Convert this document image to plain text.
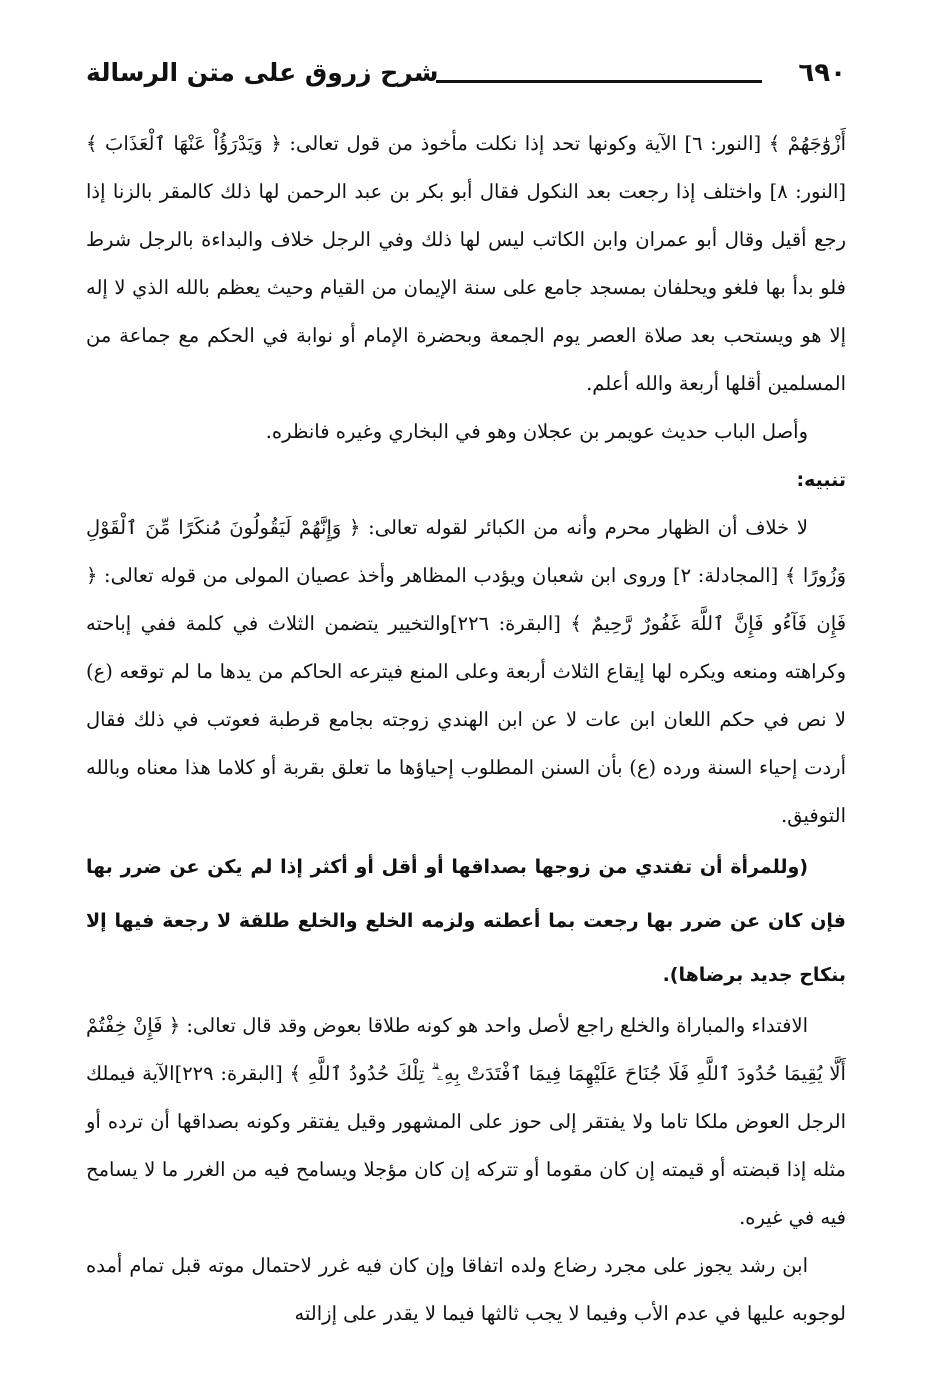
٦٩٠
شرح زروق على متن الرسالة

أَزْوَٰجَهُمْ ﴾ [النور: ٦] الآية وكونها تحد إذا نكلت مأخوذ من قول تعالى: ﴿ وَيَدْرَؤُاْ عَنْهَا ٱلْعَذَابَ ﴾ [النور: ٨] واختلف إذا رجعت بعد النكول فقال أبو بكر بن عبد الرحمن لها ذلك كالمقر بالزنا إذا رجع أقيل وقال أبو عمران وابن الكاتب ليس لها ذلك وفي الرجل خلاف والبداءة بالرجل شرط فلو بدأ بها فلغو ويحلفان بمسجد جامع على سنة الإيمان من القيام وحيث يعظم بالله الذي لا إله إلا هو ويستحب بعد صلاة العصر يوم الجمعة وبحضرة الإمام أو نوابة في الحكم مع جماعة من المسلمين أقلها أربعة والله أعلم.

وأصل الباب حديث عويمر بن عجلان وهو في البخاري وغيره فانظره.

تنبيه:

لا خلاف أن الظهار محرم وأنه من الكبائر لقوله تعالى: ﴿ وَإِنَّهُمْ لَيَقُولُونَ مُنكَرًا مِّنَ ٱلْقَوْلِ وَزُورًا ﴾ [المجادلة: ٢] وروى ابن شعبان ويؤدب المظاهر وأخذ عصيان المولى من قوله تعالى: ﴿ فَإِن فَآءُو فَإِنَّ ٱللَّهَ غَفُورٌ رَّحِيمٌ ﴾ [البقرة: ٢٢٦]والتخيير يتضمن الثلاث في كلمة ففي إباحته وكراهته ومنعه ويكره لها إيقاع الثلاث أربعة وعلى المنع فيترعه الحاكم من يدها ما لم توقعه (ع) لا نص في حكم اللعان ابن عات لا عن ابن الهندي زوجته بجامع قرطبة فعوتب في ذلك فقال أردت إحياء السنة ورده (ع) بأن السنن المطلوب إحياؤها ما تعلق بقربة أو كلاما هذا معناه وبالله التوفيق.

(وللمرأة أن تفتدي من زوجها بصداقها أو أقل أو أكثر إذا لم يكن عن ضرر بها فإن كان عن ضرر بها رجعت بما أعطته ولزمه الخلع والخلع طلقة لا رجعة فيها إلا بنكاح جديد برضاها).

الافتداء والمباراة والخلع راجع لأصل واحد هو كونه طلاقا بعوض وقد قال تعالى: ﴿ فَإِنْ خِفْتُمْ أَلَّا يُقِيمَا حُدُودَ ٱللَّهِ فَلَا جُنَاحَ عَلَيْهِمَا فِيمَا ٱفْتَدَتْ بِهِۦ ۗ تِلْكَ حُدُودُ ٱللَّهِ ﴾ [البقرة: ٢٢٩]الآية فيملك الرجل العوض ملكا تاما ولا يفتقر إلى حوز على المشهور وقيل يفتقر وكونه بصداقها أن ترده أو مثله إذا قبضته أو قيمته إن كان مقوما أو تتركه إن كان مؤجلا ويسامح فيه من الغرر ما لا يسامح فيه في غيره.

ابن رشد يجوز على مجرد رضاع ولده اتفاقا وإن كان فيه غرر لاحتمال موته قبل تمام أمده لوجوبه عليها في عدم الأب وفيما لا يجب ثالثها فيما لا يقدر على إزالته
